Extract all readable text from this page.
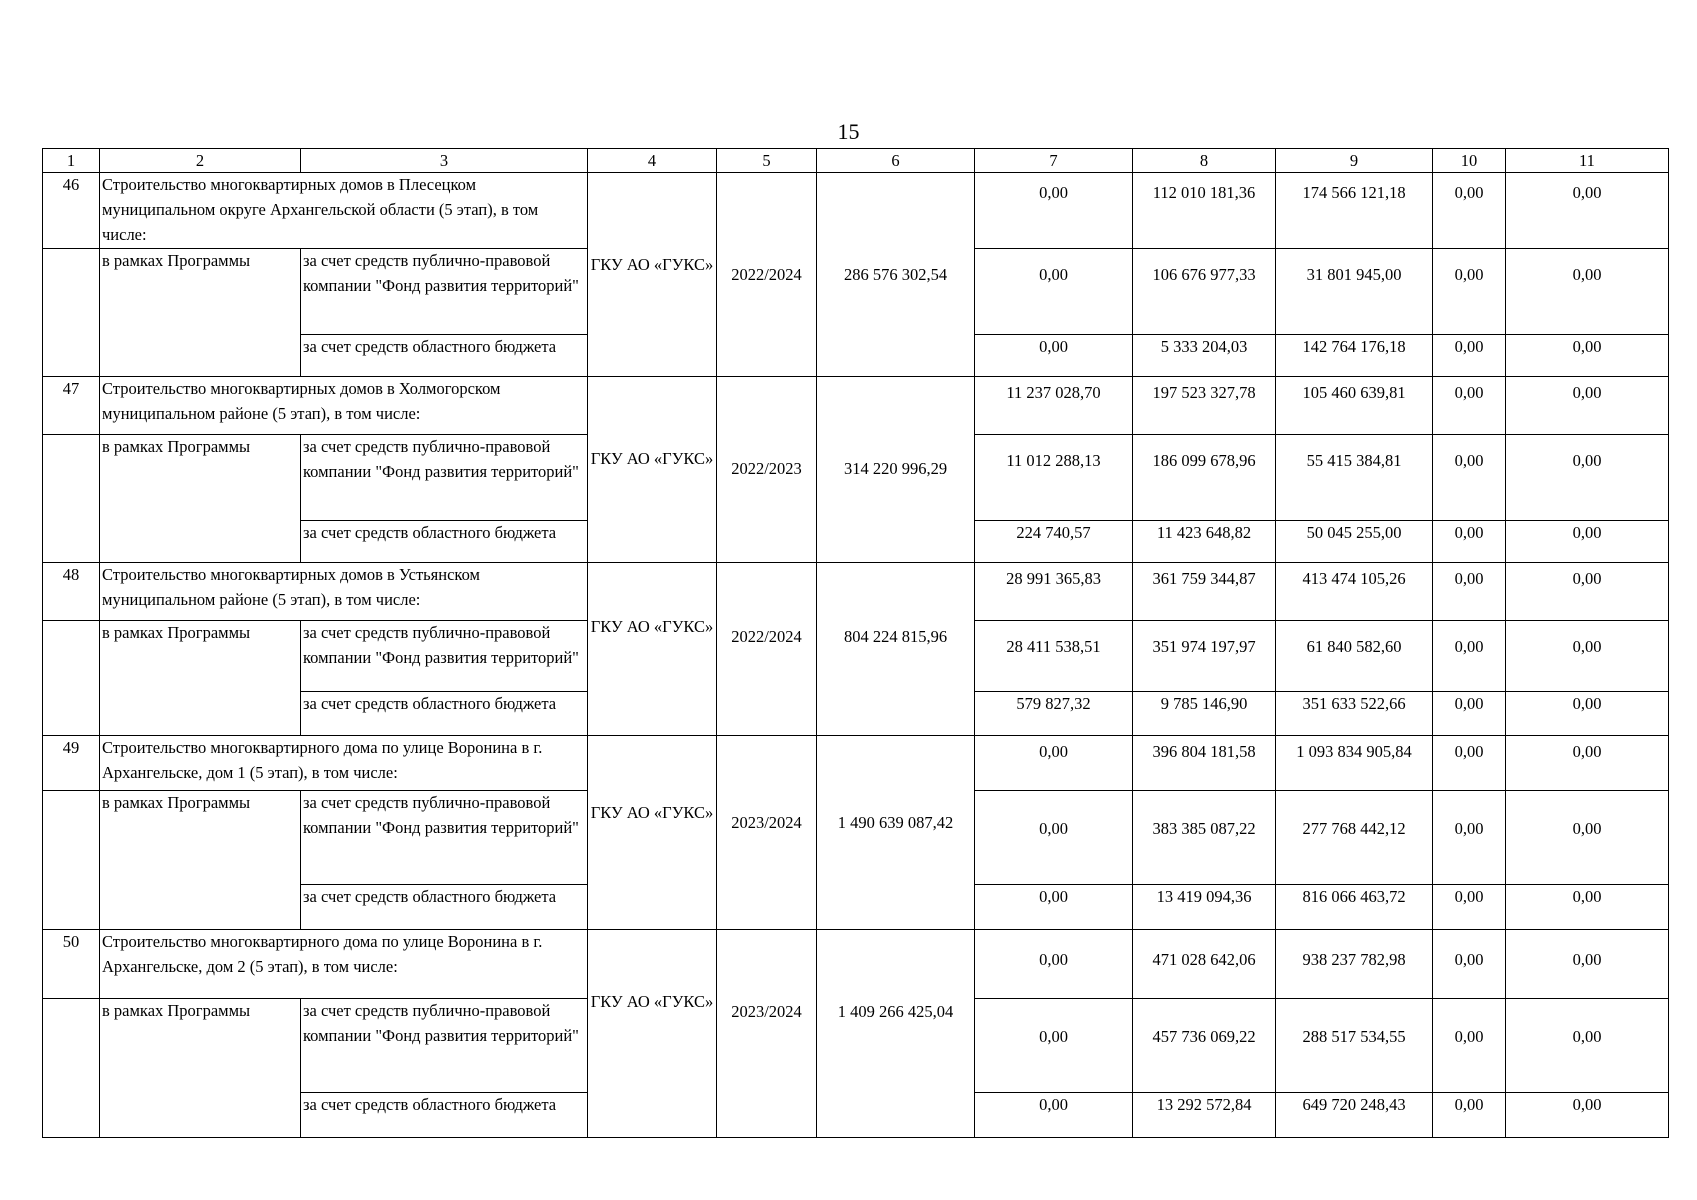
15
1	2	3	4	5	6	7	8	9	10	11
46	Строительство многоквартирных домов в Плесецком муниципальном округе Архангельской области (5 этап), в том числе:		ГКУ АО «ГУКС»	2022/2024	286 576 302,54	0,00	112 010 181,36	174 566 121,18	0,00	0,00
	в рамках Программы	за счет средств публично-правовой компании "Фонд развития территорий"				0,00	106 676 977,33	31 801 945,00	0,00	0,00
		за счет средств областного бюджета				0,00	5 333 204,03	142 764 176,18	0,00	0,00
47	Строительство многоквартирных домов в Холмогорском муниципальном районе (5 этап), в том числе:		ГКУ АО «ГУКС»	2022/2023	314 220 996,29	11 237 028,70	197 523 327,78	105 460 639,81	0,00	0,00
	в рамках Программы	за счет средств публично-правовой компании "Фонд развития территорий"				11 012 288,13	186 099 678,96	55 415 384,81	0,00	0,00
		за счет средств областного бюджета				224 740,57	11 423 648,82	50 045 255,00	0,00	0,00
48	Строительство многоквартирных домов в Устьянском муниципальном районе (5 этап), в том числе:		ГКУ АО «ГУКС»	2022/2024	804 224 815,96	28 991 365,83	361 759 344,87	413 474 105,26	0,00	0,00
	в рамках Программы	за счет средств публично-правовой компании "Фонд развития территорий"				28 411 538,51	351 974 197,97	61 840 582,60	0,00	0,00
		за счет средств областного бюджета				579 827,32	9 785 146,90	351 633 522,66	0,00	0,00
49	Строительство многоквартирного дома по улице Воронина в г. Архангельске, дом 1 (5 этап), в том числе:		ГКУ АО «ГУКС»	2023/2024	1 490 639 087,42	0,00	396 804 181,58	1 093 834 905,84	0,00	0,00
	в рамках Программы	за счет средств публично-правовой компании "Фонд развития территорий"				0,00	383 385 087,22	277 768 442,12	0,00	0,00
		за счет средств областного бюджета				0,00	13 419 094,36	816 066 463,72	0,00	0,00
50	Строительство многоквартирного дома по улице Воронина в г. Архангельске, дом 2 (5 этап), в том числе:		ГКУ АО «ГУКС»	2023/2024	1 409 266 425,04	0,00	471 028 642,06	938 237 782,98	0,00	0,00
	в рамках Программы	за счет средств публично-правовой компании "Фонд развития территорий"				0,00	457 736 069,22	288 517 534,55	0,00	0,00
		за счет средств областного бюджета				0,00	13 292 572,84	649 720 248,43	0,00	0,00
